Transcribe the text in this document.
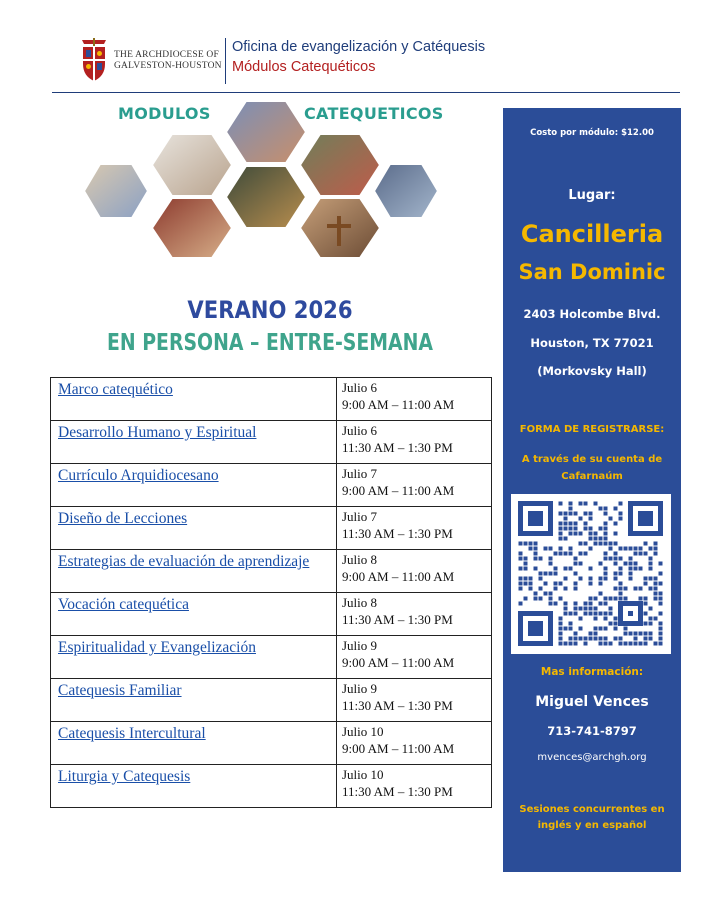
THE ARCHDIOCESE OF
GALVESTON-HOUSTON
Oficina de evangelización y Catéquesis
Módulos Catequéticos
MODULOS	CATEQUETICOS
VERANO 2026
EN PERSONA – ENTRE-SEMANA
Marco catequético	Julio 6
9:00 AM – 11:00 AM

Desarrollo Humano y Espiritual	Julio 6
11:30 AM – 1:30 PM

Currículo Arquidiocesano	Julio 7
9:00 AM – 11:00 AM

Diseño de Lecciones	Julio 7
11:30 AM – 1:30 PM

Estrategias de evaluación de aprendizaje	Julio 8
9:00 AM – 11:00 AM

Vocación catequética	Julio 8
11:30 AM – 1:30 PM

Espiritualidad y Evangelización	Julio 9
9:00 AM – 11:00 AM

Catequesis Familiar	Julio 9
11:30 AM – 1:30 PM

Catequesis Intercultural	Julio 10
9:00 AM – 11:00 AM

Liturgia y Catequesis	Julio 10
11:30 AM – 1:30 PM
Costo por módulo: $12.00
Lugar:
Cancilleria
San Dominic
2403 Holcombe Blvd.
Houston, TX 77021
(Morkovsky Hall)
FORMA DE REGISTRARSE:
A través de su cuenta de Cafarnaúm
Mas información:
Miguel Vences
713-741-8797
mvences@archgh.org
Sesiones concurrentes en inglés y en español
